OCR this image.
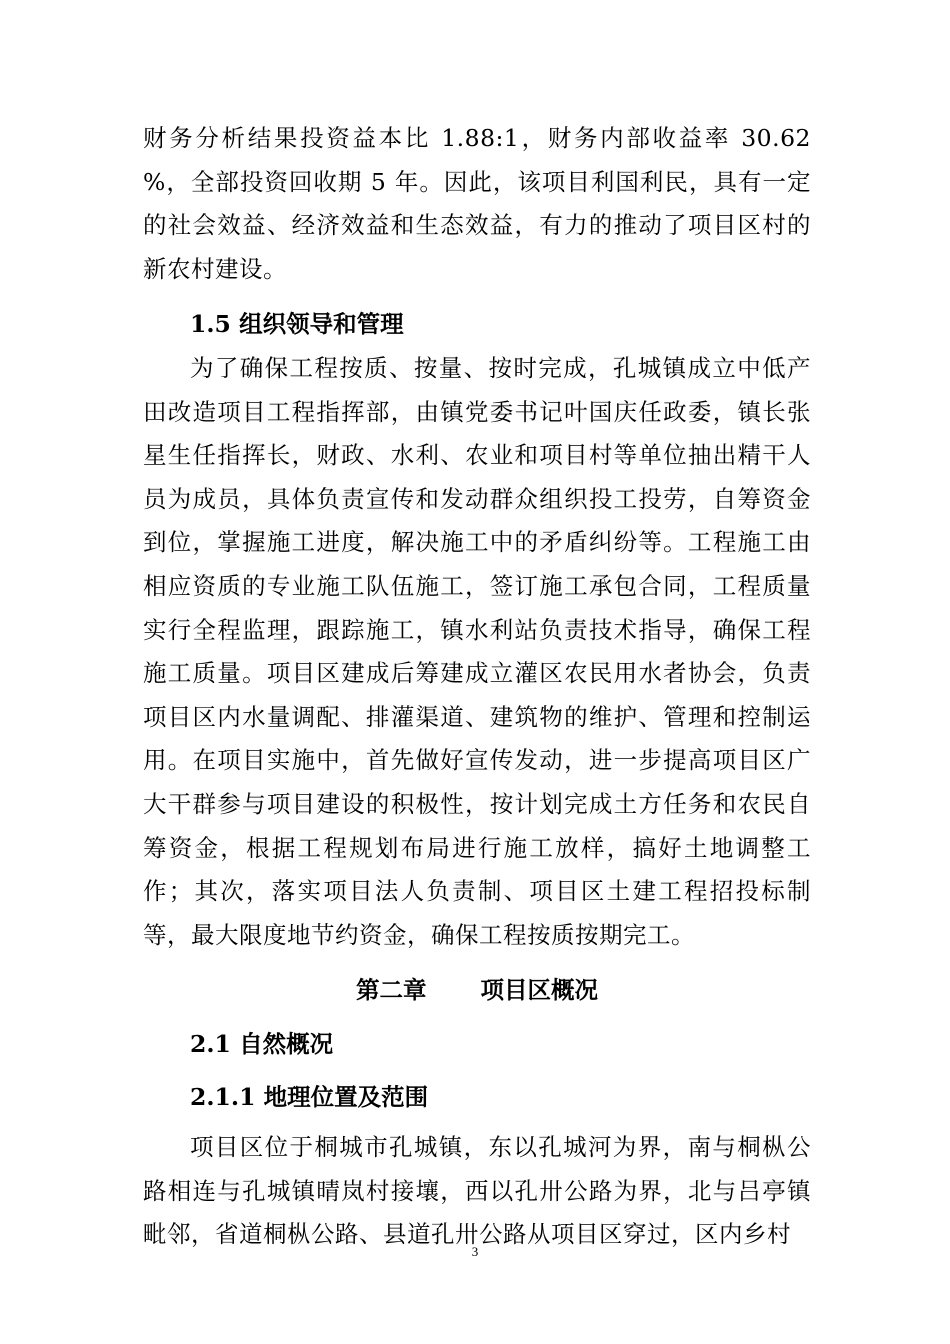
财务分析结果投资益本比 1.88:1，财务内部收益率 30.62 %，全部投资回收期 5 年。因此，该项目利国利民，具有一定的社会效益、经济效益和生态效益，有力的推动了项目区村的新农村建设。

1.5 组织领导和管理

为了确保工程按质、按量、按时完成，孔城镇成立中低产田改造项目工程指挥部，由镇党委书记叶国庆任政委，镇长张星生任指挥长，财政、水利、农业和项目村等单位抽出精干人员为成员，具体负责宣传和发动群众组织投工投劳，自筹资金到位，掌握施工进度，解决施工中的矛盾纠纷等。工程施工由相应资质的专业施工队伍施工，签订施工承包合同，工程质量实行全程监理，跟踪施工，镇水利站负责技术指导，确保工程施工质量。项目区建成后筹建成立灌区农民用水者协会，负责项目区内水量调配、排灌渠道、建筑物的维护、管理和控制运用。在项目实施中，首先做好宣传发动，进一步提高项目区广大干群参与项目建设的积极性，按计划完成土方任务和农民自筹资金，根据工程规划布局进行施工放样，搞好土地调整工作；其次，落实项目法人负责制、项目区土建工程招投标制等，最大限度地节约资金，确保工程按质按期完工。

第二章 项目区概况

2.1 自然概况

2.1.1 地理位置及范围

项目区位于桐城市孔城镇，东以孔城河为界，南与桐枞公路相连与孔城镇晴岚村接壤，西以孔卅公路为界，北与吕亭镇毗邻，省道桐枞公路、县道孔卅公路从项目区穿过，区内乡村

3
